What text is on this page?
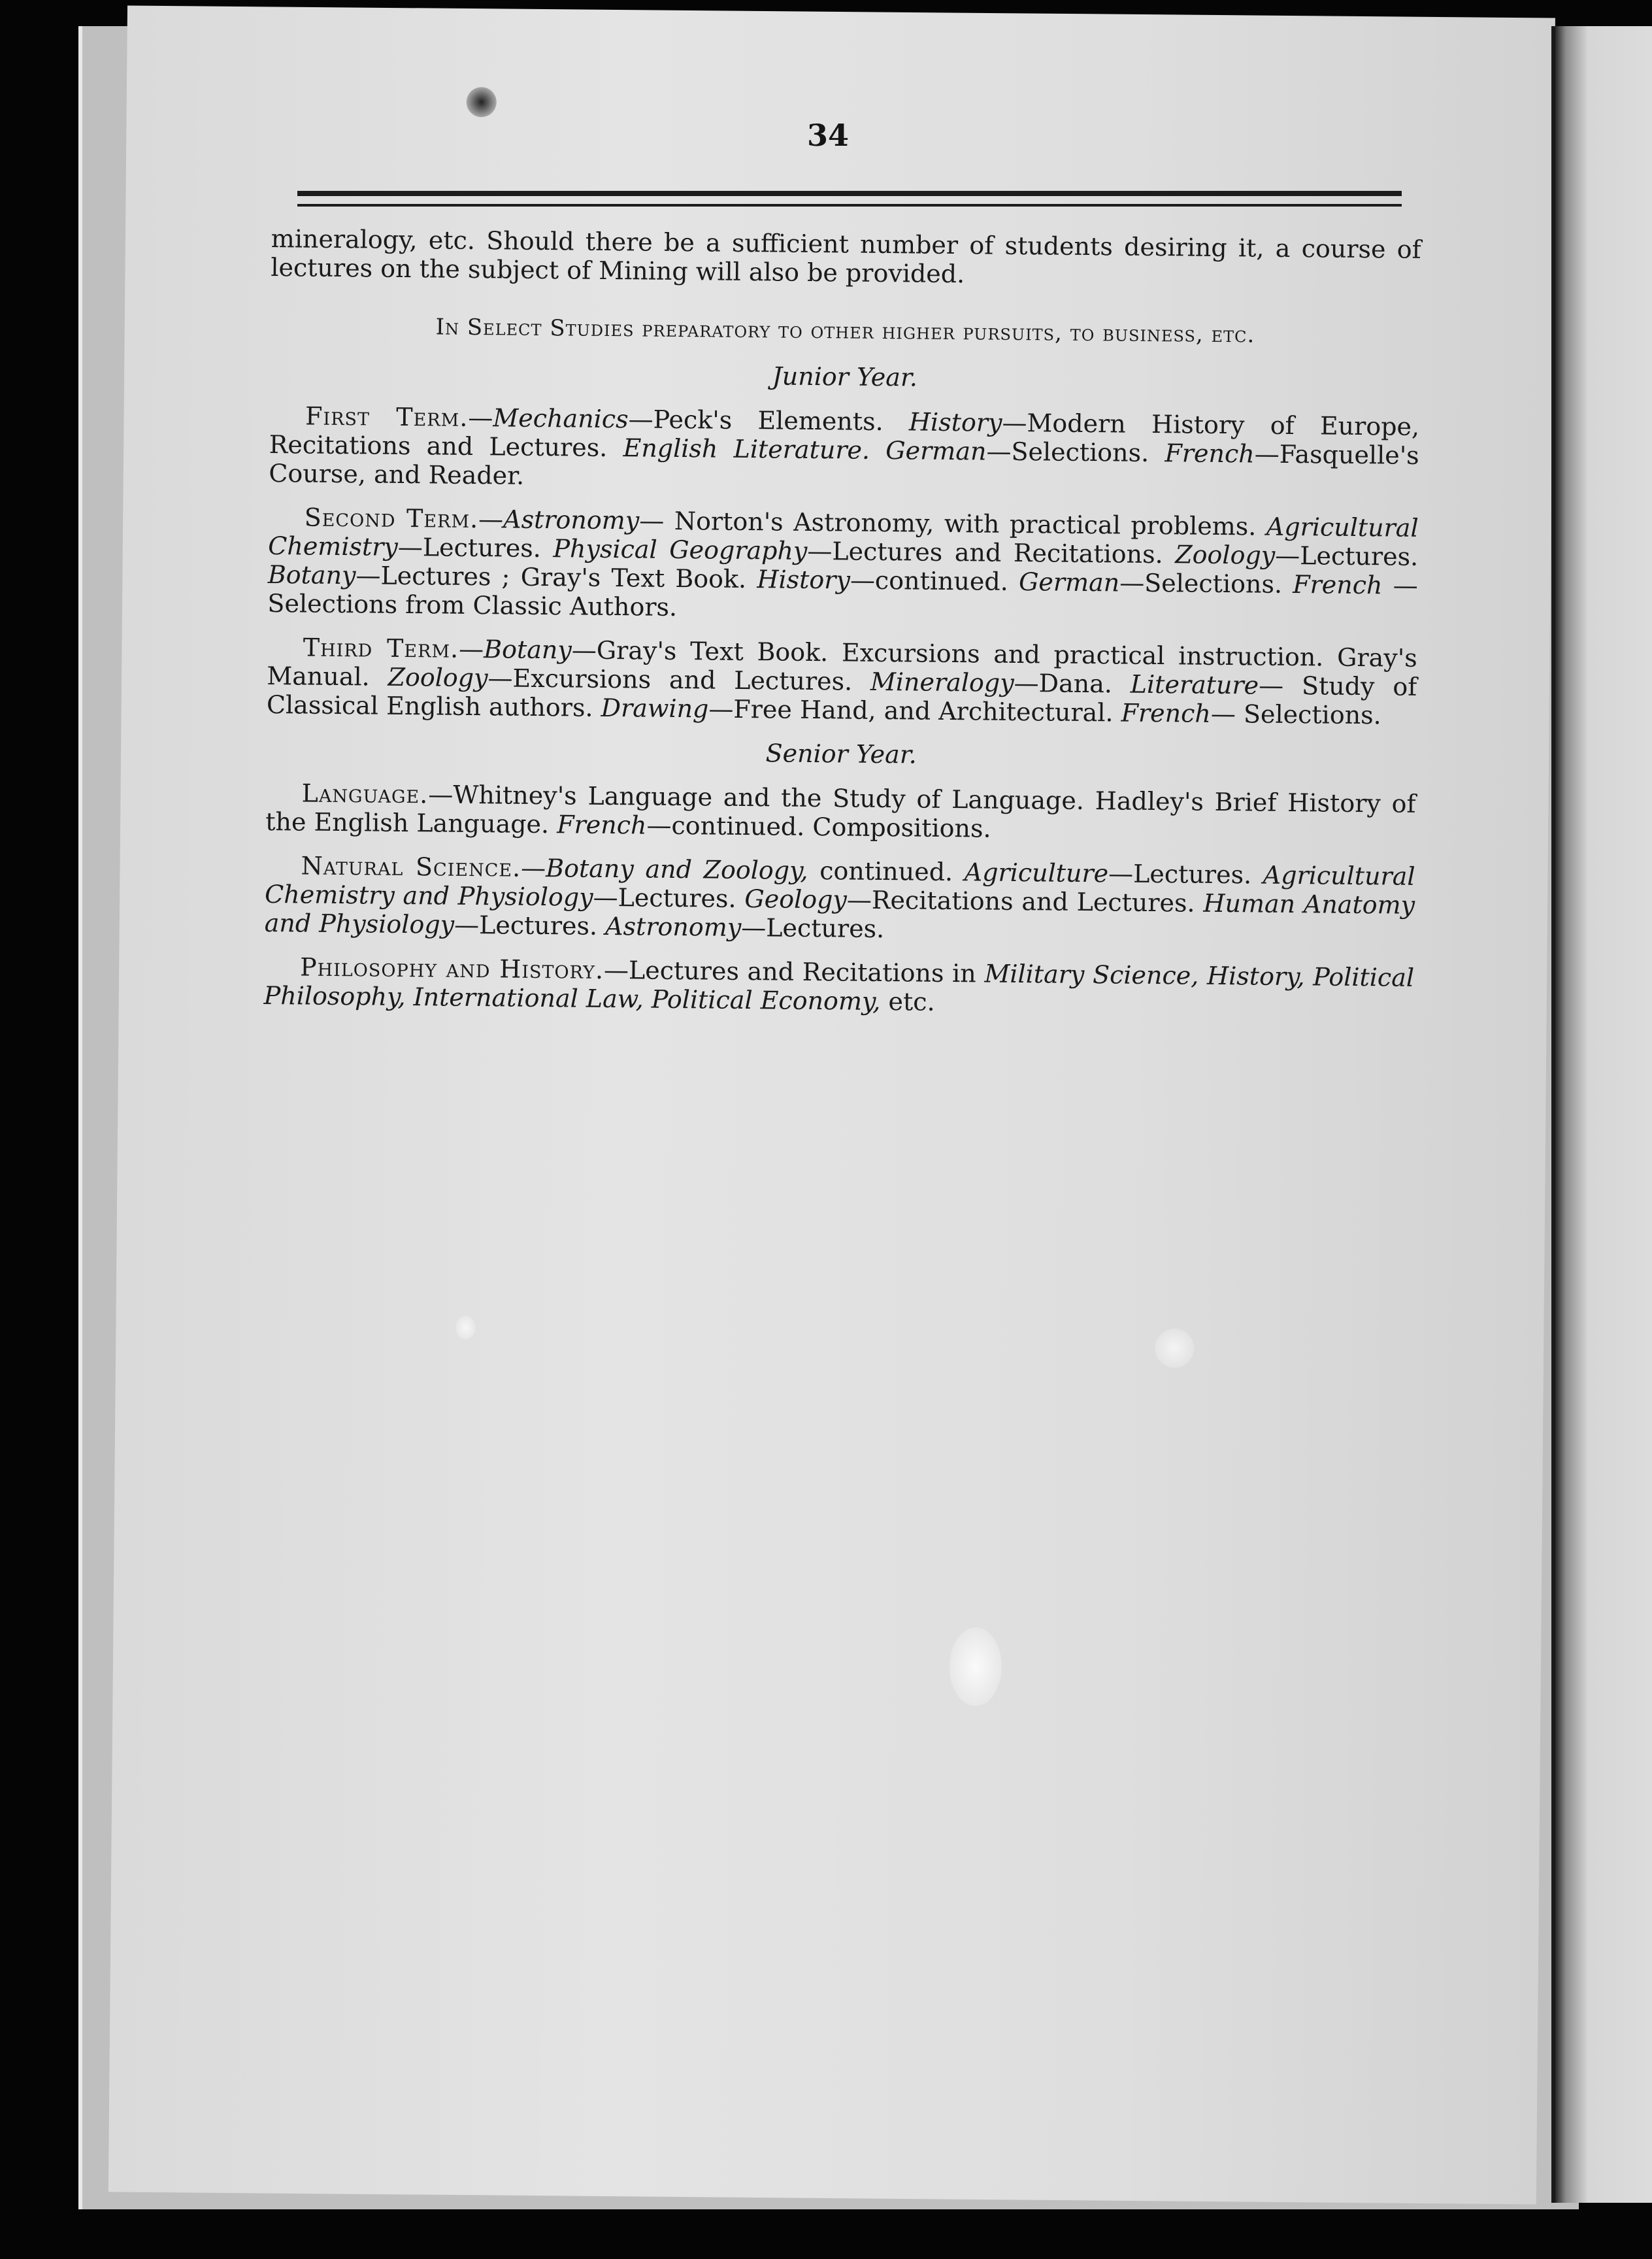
34

mineralogy, etc. Should there be a sufficient number of students desiring it, a course of lectures on the subject of Mining will also be provided.

In Select Studies preparatory to other higher pursuits, to business, etc.
Junior Year.

First Term.—Mechanics—Peck's Elements. History—Modern History of Europe, Recitations and Lectures. English Literature. German—Selections. French—Fasquelle's Course, and Reader.

Second Term.—Astronomy— Norton's Astronomy, with practical problems. Agricultural Chemistry—Lectures. Physical Geography—Lectures and Recitations. Zoology—Lectures. Botany—Lectures ; Gray's Text Book. History—continued. German—Selections. French —Selections from Classic Authors.

Third Term.—Botany—Gray's Text Book. Excursions and practical instruction. Gray's Manual. Zoology—Excursions and Lectures. Mineralogy—Dana. Literature— Study of Classical English authors. Drawing—Free Hand, and Architectural. French— Selections.

Senior Year.

Language.—Whitney's Language and the Study of Language. Hadley's Brief History of the English Language. French—continued. Compositions.

Natural Science.—Botany and Zoology, continued. Agriculture—Lectures. Agricultural Chemistry and Physiology—Lectures. Geology—Recitations and Lectures. Human Anatomy and Physiology—Lectures. Astronomy—Lectures.

Philosophy and History.—Lectures and Recitations in Military Science, History, Political Philosophy, International Law, Political Economy, etc.
